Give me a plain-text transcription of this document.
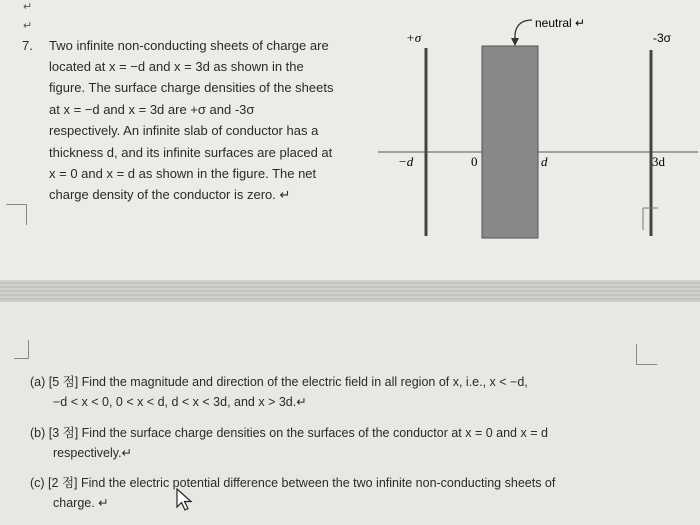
↵
↵
7. Two infinite non-conducting sheets of charge are
located at x = −d and x = 3d as shown in the
figure. The surface charge densities of the sheets
at x = −d and x = 3d are +σ and -3σ
respectively. An infinite slab of conductor has a
thickness d, and its infinite surfaces are placed at
x = 0 and x = d as shown in the figure. The net
charge density of the conductor is zero. ↵
+σ
neutral ↵
-3σ
−d	0	d	3d
(a) [5 점] Find the magnitude and direction of the electric field in all region of x, i.e., x < −d,
−d < x < 0, 0 < x < d, d < x < 3d, and x > 3d.↵
(b) [3 점] Find the surface charge densities on the surfaces of the conductor at x = 0 and x = d
respectively.↵
(c) [2 점] Find the electric potential difference between the two infinite non-conducting sheets of
charge. ↵
